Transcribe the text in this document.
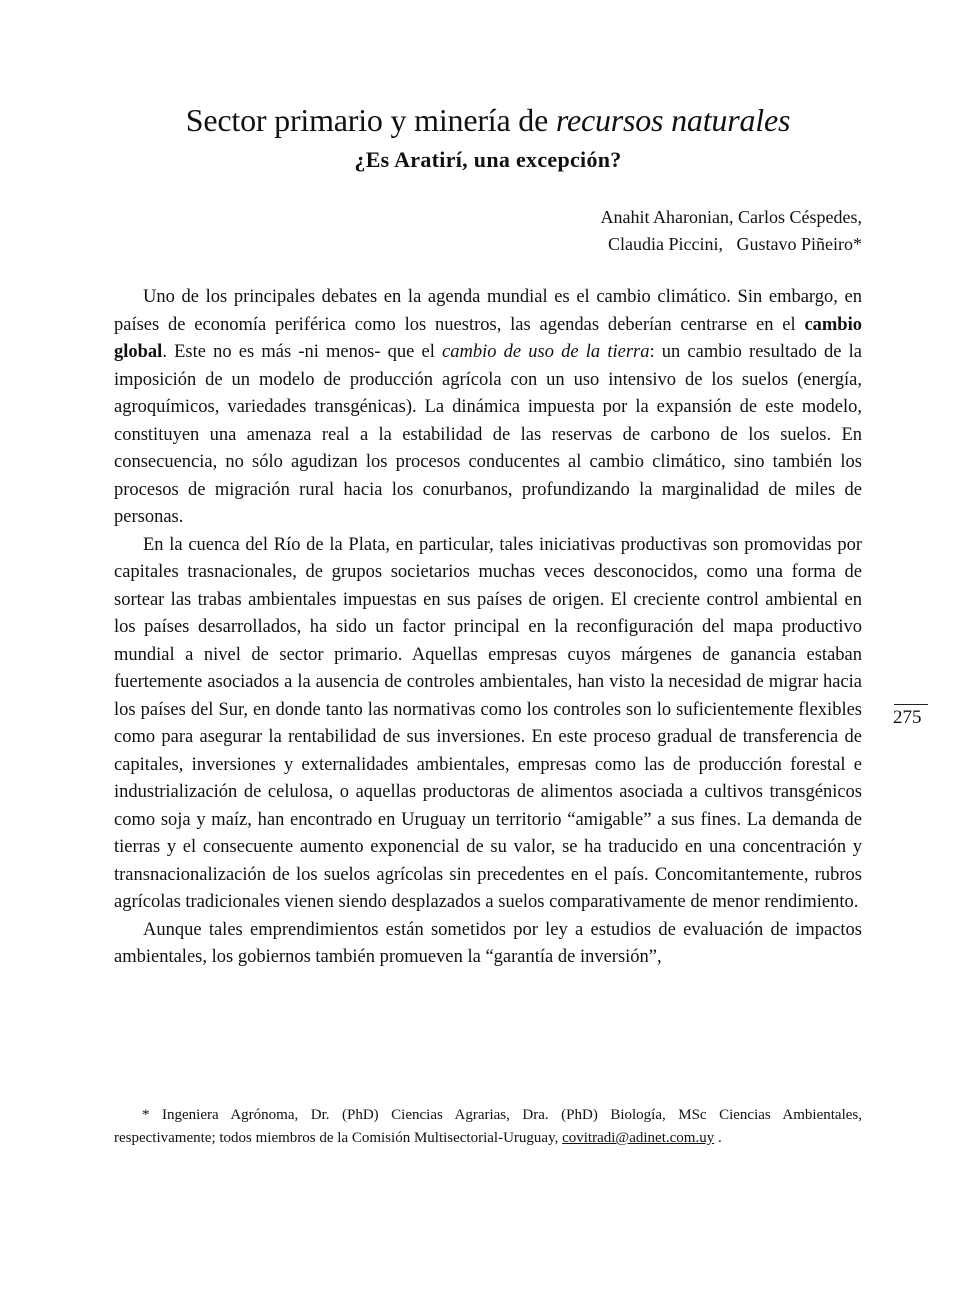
Sector primario y minería de recursos naturales
¿Es Aratirí, una excepción?
Anahit Aharonian, Carlos Céspedes,
Claudia Piccini,   Gustavo Piñeiro*

Uno de los principales debates en la agenda mundial es el cambio climático. Sin embargo, en países de economía periférica como los nuestros, las agendas deberían centrarse en el cambio global. Este no es más -ni menos- que el cambio de uso de la tierra: un cambio resultado de la imposición de un modelo de producción agrícola con un uso intensivo de los suelos (energía, agroquímicos, variedades transgénicas). La dinámica impuesta por la expansión de este modelo, constituyen una amenaza real a la estabilidad de las reservas de carbono de los suelos. En consecuencia, no sólo agudizan los procesos conducentes al cambio climático, sino también los procesos de migración rural hacia los conurbanos, profundizando la marginalidad de miles de personas.

En la cuenca del Río de la Plata, en particular, tales iniciativas productivas son promovidas por capitales trasnacionales, de grupos societarios muchas veces desconocidos, como una forma de sortear las trabas ambientales impuestas en sus países de origen. El creciente control ambiental en los países desarrollados, ha sido un factor principal en la reconfiguración del mapa productivo mundial a nivel de sector primario. Aquellas empresas cuyos márgenes de ganancia estaban fuertemente asociados a la ausencia de controles ambientales, han visto la necesidad de migrar hacia los países del Sur, en donde tanto las normativas como los controles son lo suficientemente flexibles como para asegurar la rentabilidad de sus inversiones. En este proceso gradual de transferencia de capitales, inversiones y externalidades ambientales, empresas como las de producción forestal e industrialización de celulosa, o aquellas productoras de alimentos asociada a cultivos transgénicos como soja y maíz, han encontrado en Uruguay un territorio “amigable” a sus fines. La demanda de tierras y el consecuente aumento exponencial de su valor, se ha traducido en una concentración y transnacionalización de los suelos agrícolas sin precedentes en el país. Concomitantemente, rubros agrícolas tradicionales vienen siendo desplazados a suelos comparativamente de menor rendimiento.

Aunque tales emprendimientos están sometidos por ley a estudios de evaluación de impactos ambientales, los gobiernos también promueven la “garantía de inversión”,

275

* Ingeniera Agrónoma, Dr. (PhD) Ciencias Agrarias, Dra. (PhD) Biología, MSc Ciencias Ambientales, respectivamente; todos miembros de la Comisión Multisectorial-Uruguay, covitradi@adinet.com.uy .
